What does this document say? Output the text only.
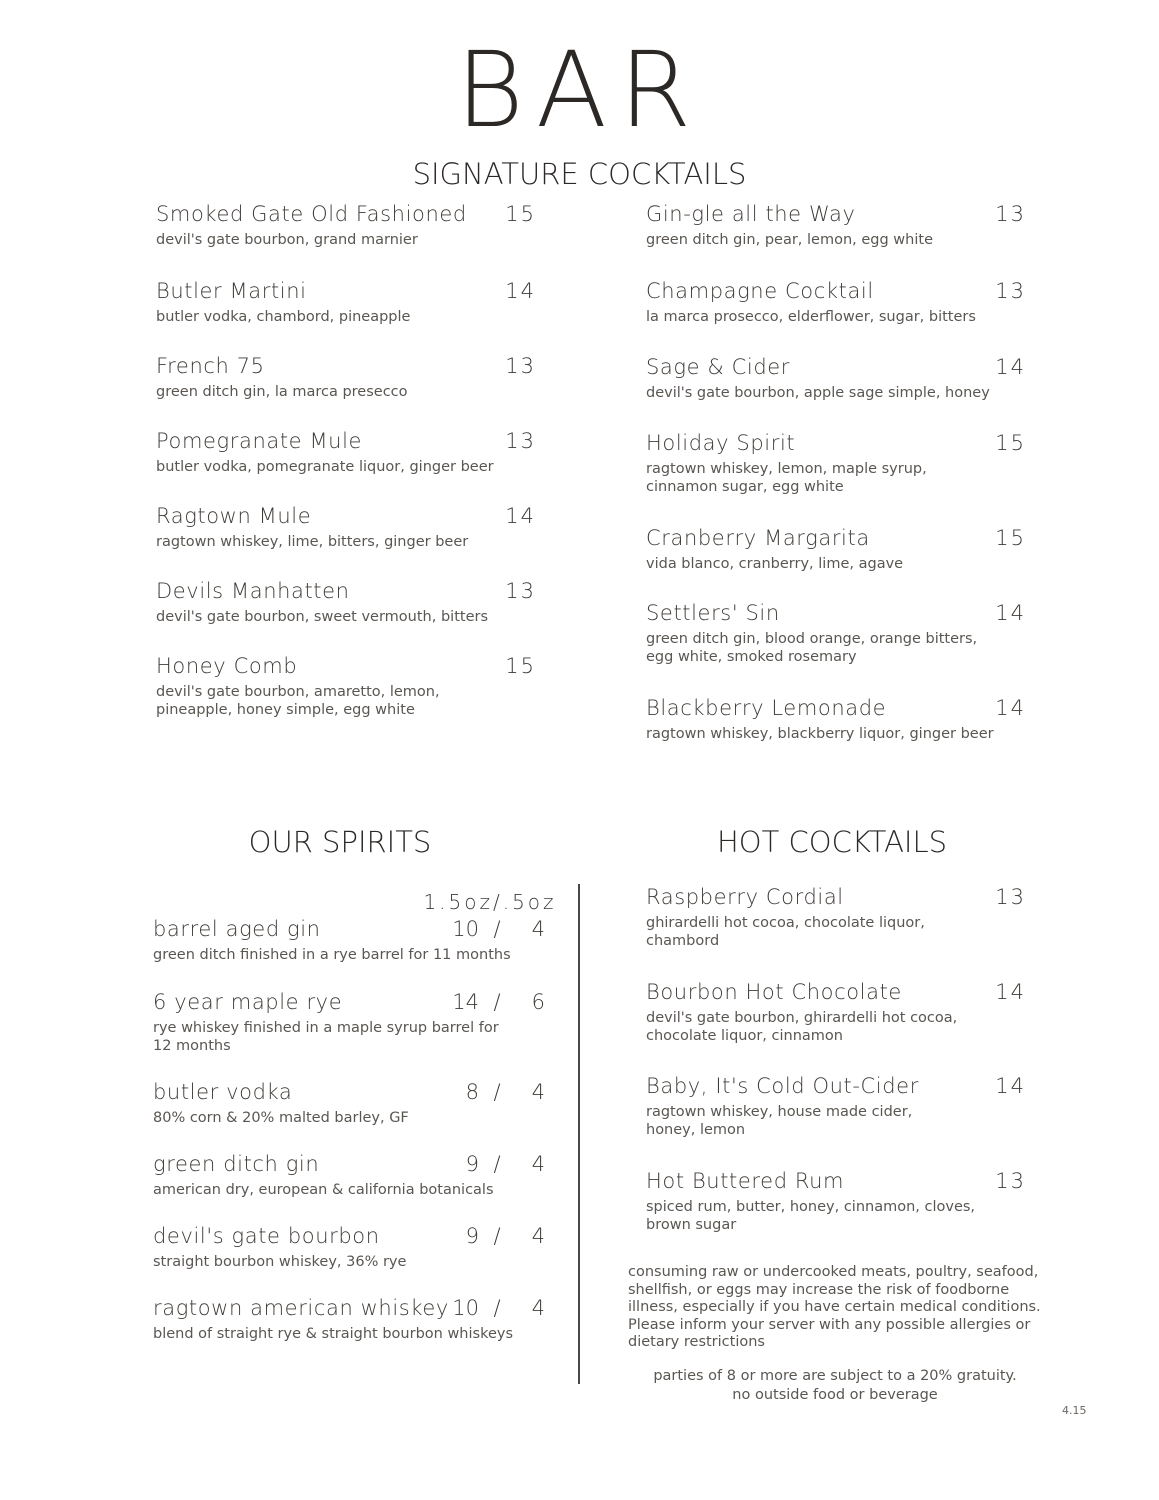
BAR
SIGNATURE COCKTAILS
Smoked Gate Old Fashioned 15
devil's gate bourbon, grand marnier
Butler Martini	14
butler vodka, chambord, pineapple
French 75	13
green ditch gin, la marca presecco
Pomegranate Mule	13
butler vodka, pomegranate liquor, ginger beer
Ragtown Mule	14
ragtown whiskey, lime, bitters, ginger beer
Devils Manhatten	13
devil's gate bourbon, sweet vermouth, bitters
Honey Comb	15
devil's gate bourbon, amaretto, lemon, pineapple, honey simple, egg white
Gin-gle all the Way	13
green ditch gin, pear, lemon, egg white
Champagne Cocktail	13
la marca prosecco, elderflower, sugar, bitters
Sage & Cider	14
devil's gate bourbon, apple sage simple, honey
Holiday Spirit	15
ragtown whiskey, lemon, maple syrup, cinnamon sugar, egg white
Cranberry Margarita	15
vida blanco, cranberry, lime, agave
Settlers' Sin	14
green ditch gin, blood orange, orange bitters, egg white, smoked rosemary
Blackberry Lemonade	14
ragtown whiskey, blackberry liquor, ginger beer
OUR SPIRITS	HOT COCKTAILS
1.5oz/.5oz
barrel aged gin	10 /	4
green ditch finished in a rye barrel for 11 months
6 year maple rye	14 /	6
rye whiskey finished in a maple syrup barrel for 12 months
butler vodka	8 /	4
80% corn & 20% malted barley, GF
green ditch gin	9 /	4
american dry, european & california botanicals
devil's gate bourbon	9 /	4
straight bourbon whiskey, 36% rye
ragtown american whiskey 10 /	4
blend of straight rye & straight bourbon whiskeys
Raspberry Cordial	13
ghirardelli hot cocoa, chocolate liquor, chambord
Bourbon Hot Chocolate	14
devil's gate bourbon, ghirardelli hot cocoa, chocolate liquor, cinnamon
Baby, It's Cold Out-Cider	14
ragtown whiskey, house made cider, honey, lemon
Hot Buttered Rum	13
spiced rum, butter, honey, cinnamon, cloves, brown sugar
consuming raw or undercooked meats, poultry, seafood, shellfish, or eggs may increase the risk of foodborne illness, especially if you have certain medical conditions. Please inform your server with any possible allergies or dietary restrictions
parties of 8 or more are subject to a 20% gratuity.
no outside food or beverage
4.15
